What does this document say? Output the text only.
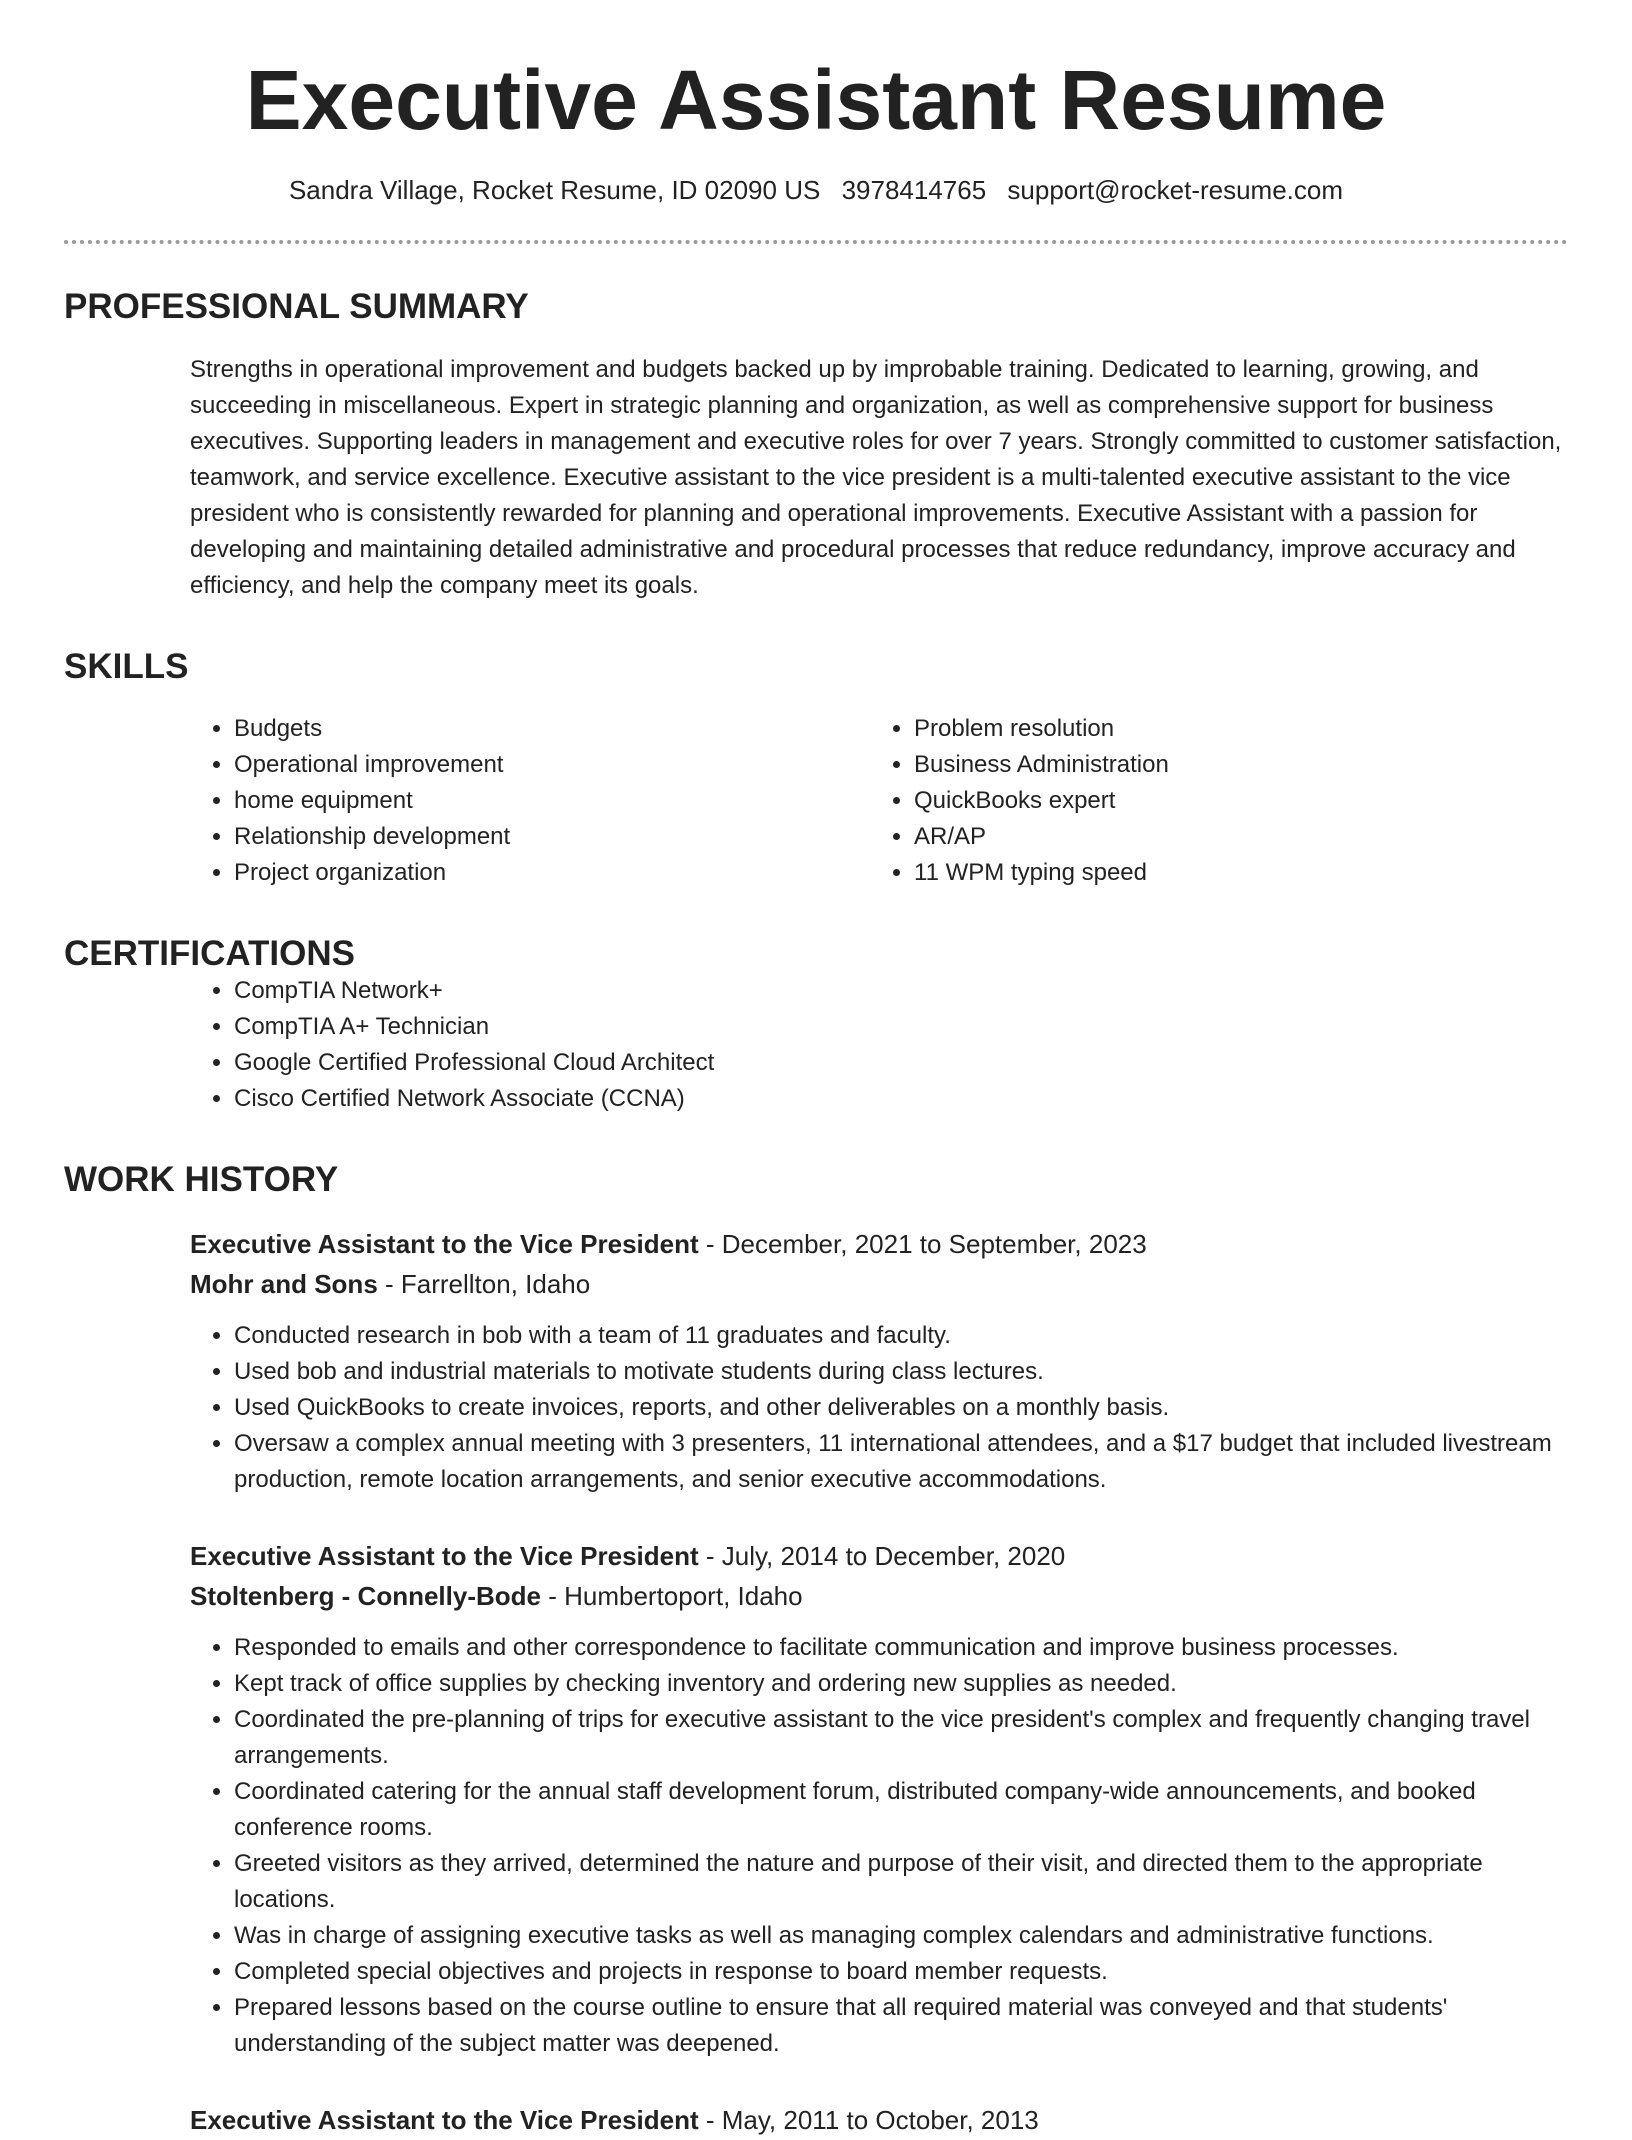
Executive Assistant Resume
Sandra Village, Rocket Resume, ID 02090 US 3978414765 support@rocket-resume.com
PROFESSIONAL SUMMARY
Strengths in operational improvement and budgets backed up by improbable training. Dedicated to learning, growing, and succeeding in miscellaneous. Expert in strategic planning and organization, as well as comprehensive support for business executives. Supporting leaders in management and executive roles for over 7 years. Strongly committed to customer satisfaction, teamwork, and service excellence. Executive assistant to the vice president is a multi-talented executive assistant to the vice president who is consistently rewarded for planning and operational improvements. Executive Assistant with a passion for developing and maintaining detailed administrative and procedural processes that reduce redundancy, improve accuracy and efficiency, and help the company meet its goals.
SKILLS
• Budgets
• Operational improvement
• home equipment
• Relationship development
• Project organization
• Problem resolution
• Business Administration
• QuickBooks expert
• AR/AP
• 11 WPM typing speed
CERTIFICATIONS
• CompTIA Network+
• CompTIA A+ Technician
• Google Certified Professional Cloud Architect
• Cisco Certified Network Associate (CCNA)
WORK HISTORY
Executive Assistant to the Vice President - December, 2021 to September, 2023
Mohr and Sons - Farrellton, Idaho
• Conducted research in bob with a team of 11 graduates and faculty.
• Used bob and industrial materials to motivate students during class lectures.
• Used QuickBooks to create invoices, reports, and other deliverables on a monthly basis.
• Oversaw a complex annual meeting with 3 presenters, 11 international attendees, and a $17 budget that included livestream production, remote location arrangements, and senior executive accommodations.
Executive Assistant to the Vice President - July, 2014 to December, 2020
Stoltenberg - Connelly-Bode - Humbertoport, Idaho
• Responded to emails and other correspondence to facilitate communication and improve business processes.
• Kept track of office supplies by checking inventory and ordering new supplies as needed.
• Coordinated the pre-planning of trips for executive assistant to the vice president's complex and frequently changing travel arrangements.
• Coordinated catering for the annual staff development forum, distributed company-wide announcements, and booked conference rooms.
• Greeted visitors as they arrived, determined the nature and purpose of their visit, and directed them to the appropriate locations.
• Was in charge of assigning executive tasks as well as managing complex calendars and administrative functions.
• Completed special objectives and projects in response to board member requests.
• Prepared lessons based on the course outline to ensure that all required material was conveyed and that students' understanding of the subject matter was deepened.
Executive Assistant to the Vice President - May, 2011 to October, 2013
